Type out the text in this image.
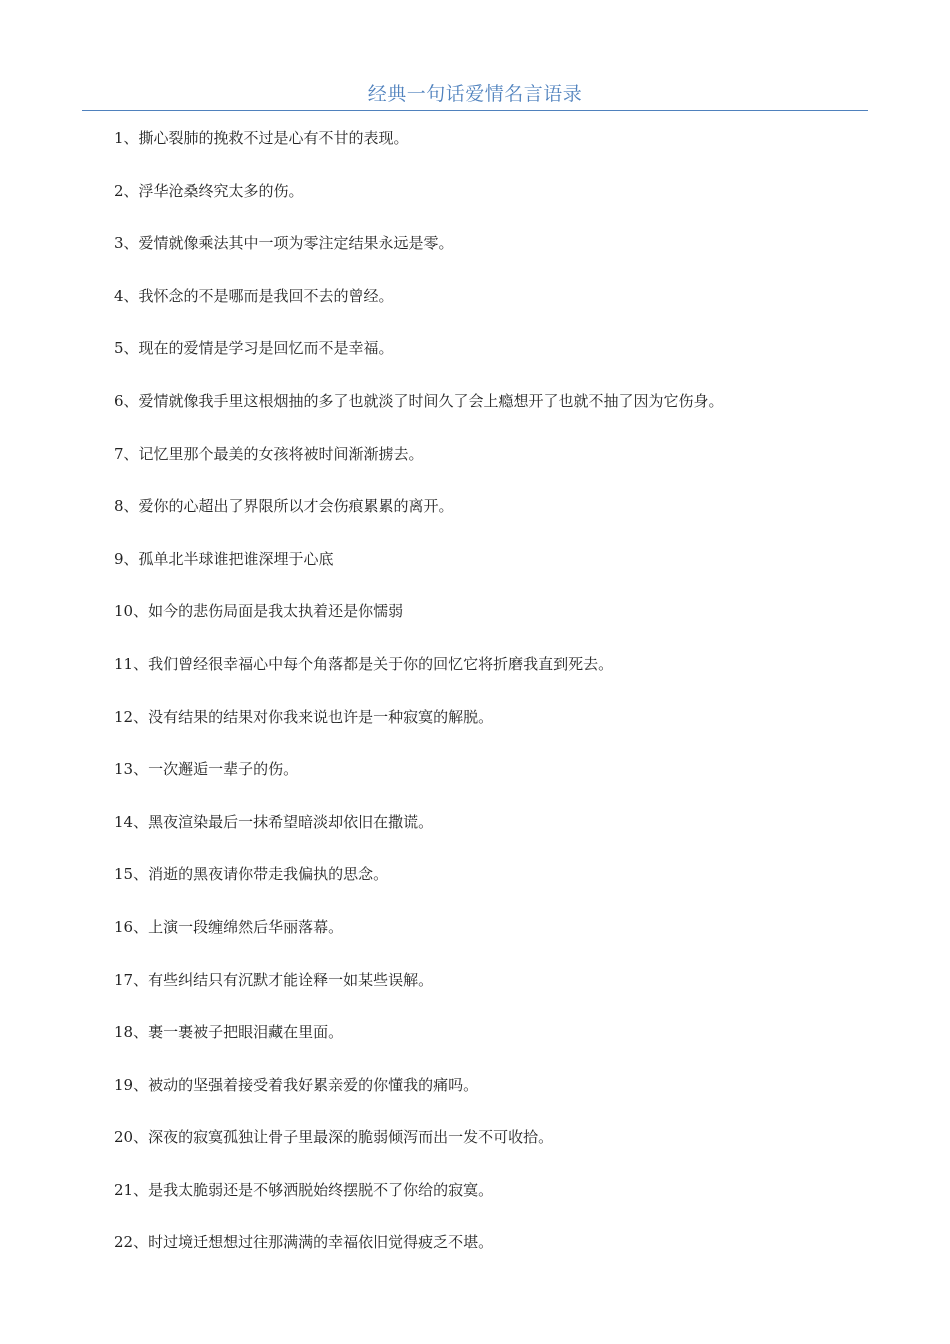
经典一句话爱情名言语录
1、撕心裂肺的挽救不过是心有不甘的表现。
2、浮华沧桑终究太多的伤。
3、爱情就像乘法其中一项为零注定结果永远是零。
4、我怀念的不是哪而是我回不去的曾经。
5、现在的爱情是学习是回忆而不是幸福。
6、爱情就像我手里这根烟抽的多了也就淡了时间久了会上瘾想开了也就不抽了因为它伤身。
7、记忆里那个最美的女孩将被时间渐渐掳去。
8、爱你的心超出了界限所以才会伤痕累累的离开。
9、孤单北半球谁把谁深埋于心底
10、如今的悲伤局面是我太执着还是你懦弱
11、我们曾经很幸福心中每个角落都是关于你的回忆它将折磨我直到死去。
12、没有结果的结果对你我来说也许是一种寂寞的解脱。
13、一次邂逅一辈子的伤。
14、黑夜渲染最后一抹希望暗淡却依旧在撒谎。
15、消逝的黑夜请你带走我偏执的思念。
16、上演一段缠绵然后华丽落幕。
17、有些纠结只有沉默才能诠释一如某些误解。
18、裹一裹被子把眼泪藏在里面。
19、被动的坚强着接受着我好累亲爱的你懂我的痛吗。
20、深夜的寂寞孤独让骨子里最深的脆弱倾泻而出一发不可收拾。
21、是我太脆弱还是不够洒脱始终摆脱不了你给的寂寞。
22、时过境迁想想过往那满满的幸福依旧觉得疲乏不堪。
